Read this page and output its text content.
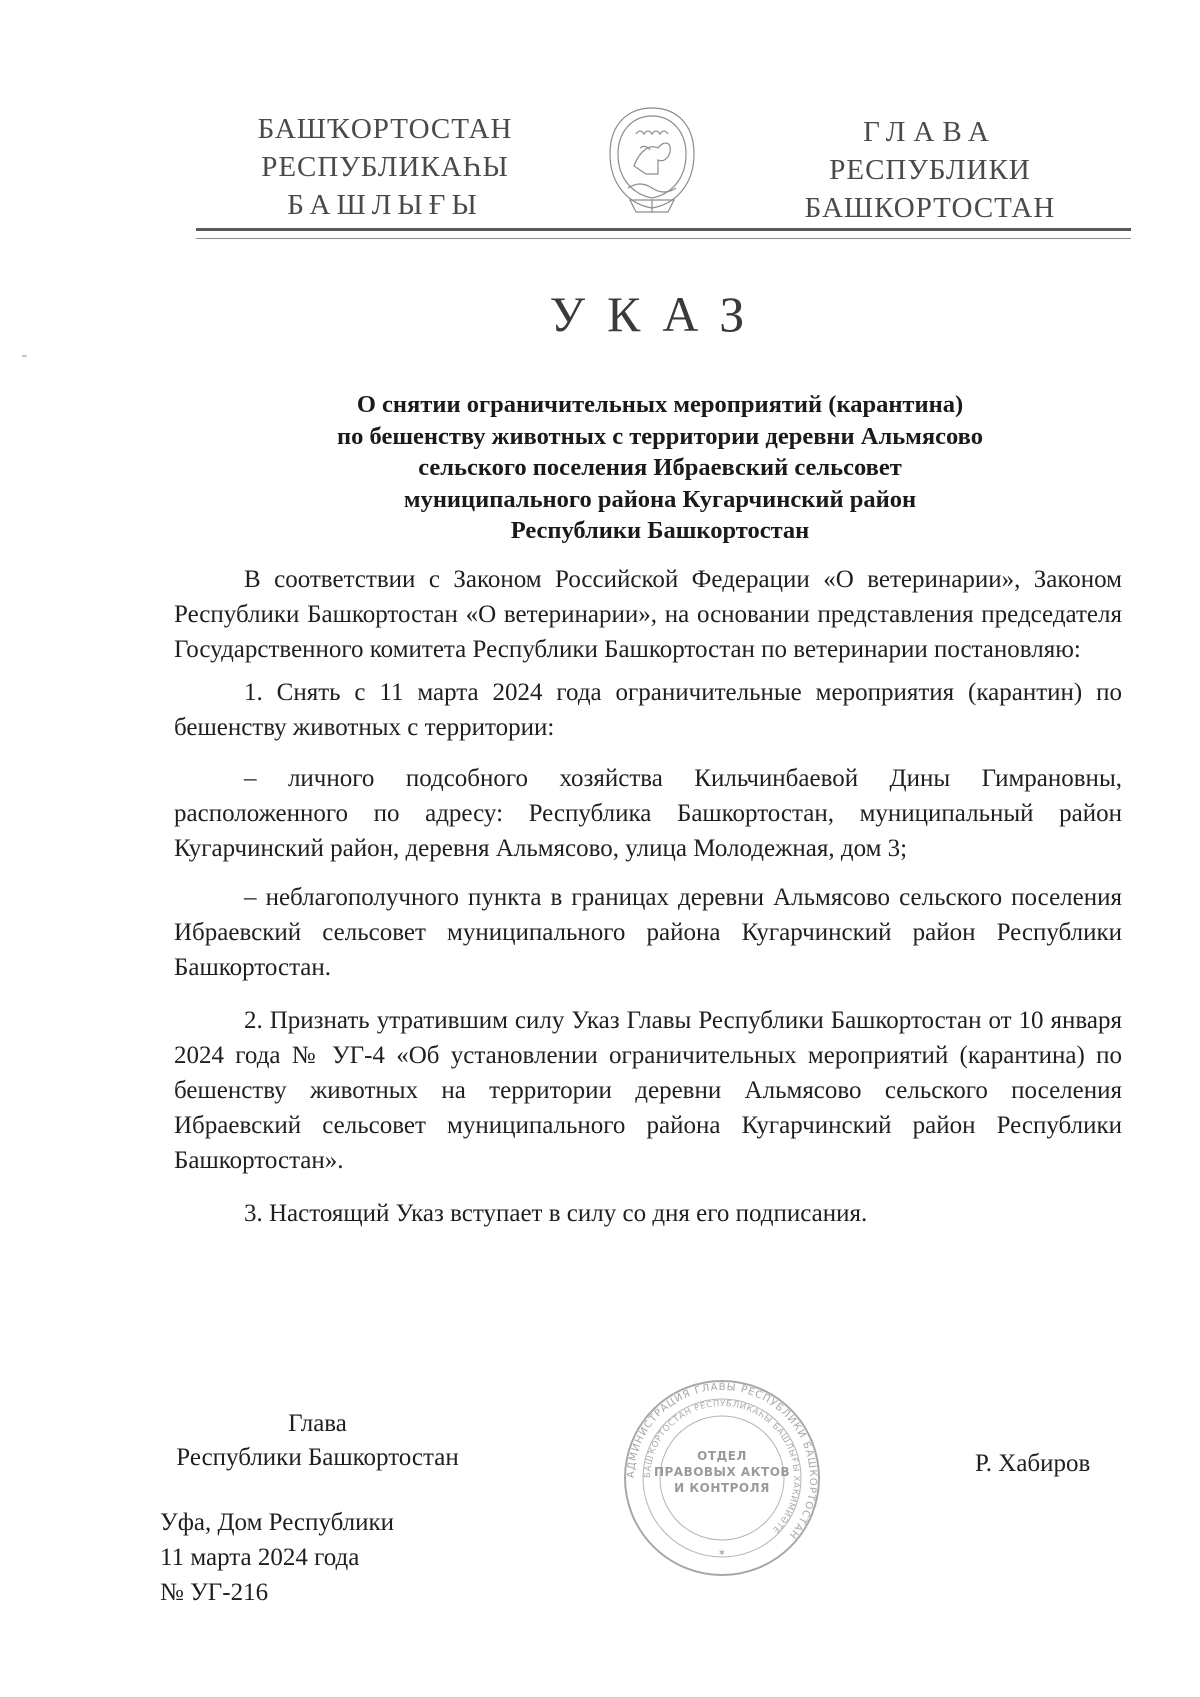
БАШҠОРТОСТАН
РЕСПУБЛИКАҺЫ
БАШЛЫҒЫ
ГЛАВА
РЕСПУБЛИКИ
БАШКОРТОСТАН
УКАЗ
О снятии ограничительных мероприятий (карантина)
по бешенству животных с территории деревни Альмясово
сельского поселения Ибраевский сельсовет
муниципального района Кугарчинский район
Республики Башкортостан

В соответствии с Законом Российской Федерации «О ветеринарии», Законом Республики Башкортостан «О ветеринарии», на основании представления председателя Государственного комитета Республики Башкортостан по ветеринарии постановляю:

1. Снять с 11 марта 2024 года ограничительные мероприятия (карантин) по бешенству животных с территории:

– личного подсобного хозяйства Кильчинбаевой Дины Гимрановны, расположенного по адресу: Республика Башкортостан, муниципальный район Кугарчинский район, деревня Альмясово, улица Молодежная, дом 3;

– неблагополучного пункта в границах деревни Альмясово сельского поселения Ибраевский сельсовет муниципального района Кугарчинский район Республики Башкортостан.

2. Признать утратившим силу Указ Главы Республики Башкортостан от 10 января 2024 года № УГ-4 «Об установлении ограничительных мероприятий (карантина) по бешенству животных на территории деревни Альмясово сельского поселения Ибраевский сельсовет муниципального района Кугарчинский район Республики Башкортостан».

3. Настоящий Указ вступает в силу со дня его подписания.

Глава
Республики Башкортостан
АДМИНИСТРАЦИЯ ГЛАВЫ РЕСПУБЛИКИ БАШКОРТОСТАН
БАШҠОРТОСТАН РЕСПУБЛИКАҺЫ БАШЛЫҒЫ ХАКИМИӘТЕ
✶
ОТДЕЛ
ПРАВОВЫХ АКТОВ
И КОНТРОЛЯ
Р. Хабиров
Уфа, Дом Республики
11 марта 2024 года
№ УГ-216
